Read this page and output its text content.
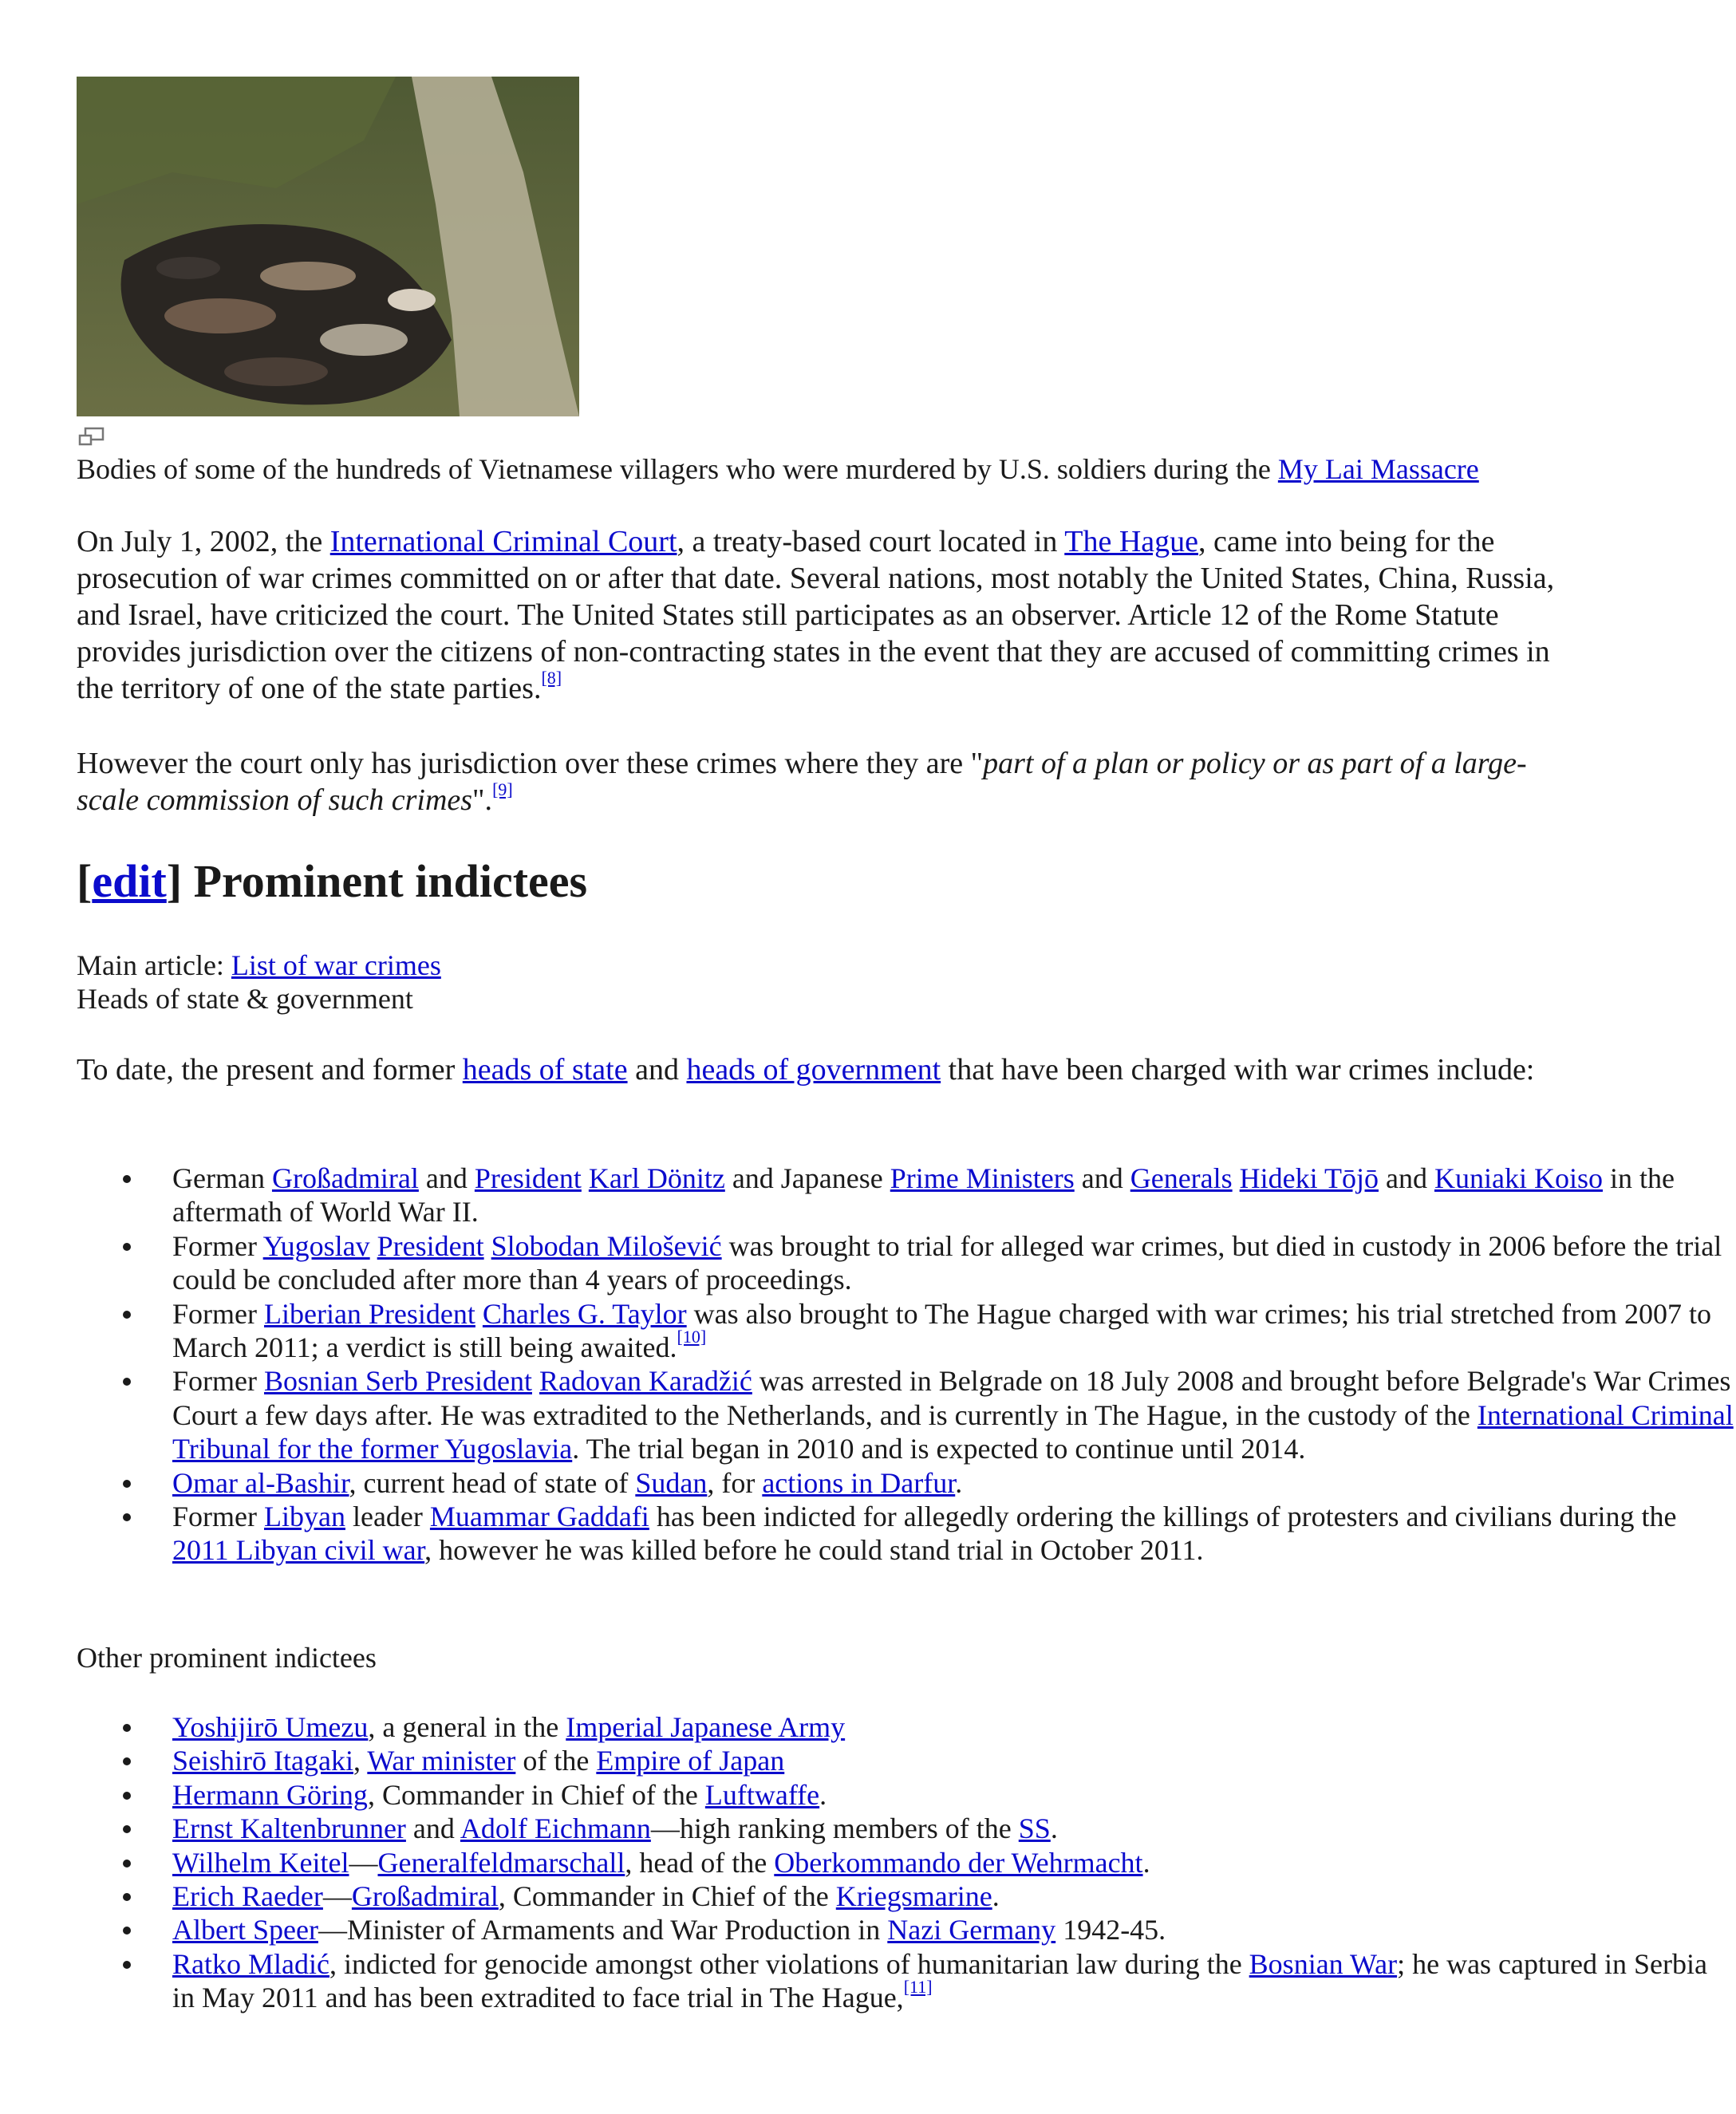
Bodies of some of the hundreds of Vietnamese villagers who were murdered by U.S. soldiers during the My Lai Massacre

On July 1, 2002, the International Criminal Court, a treaty-based court located in The Hague, came into being for the prosecution of war crimes committed on or after that date. Several nations, most notably the United States, China, Russia, and Israel, have criticized the court. The United States still participates as an observer. Article 12 of the Rome Statute provides jurisdiction over the citizens of non-contracting states in the event that they are accused of committing crimes in the territory of one of the state parties.[8]

However the court only has jurisdiction over these crimes where they are "part of a plan or policy or as part of a large-scale commission of such crimes".[9]

[edit] Prominent indictees
Main article: List of war crimes
Heads of state & government

To date, the present and former heads of state and heads of government that have been charged with war crimes include:

German Großadmiral and President Karl Dönitz and Japanese Prime Ministers and Generals Hideki Tōjō and Kuniaki Koiso in the aftermath of World War II.
Former Yugoslav President Slobodan Milošević was brought to trial for alleged war crimes, but died in custody in 2006 before the trial could be concluded after more than 4 years of proceedings.
Former Liberian President Charles G. Taylor was also brought to The Hague charged with war crimes; his trial stretched from 2007 to March 2011; a verdict is still being awaited.[10]
Former Bosnian Serb President Radovan Karadžić was arrested in Belgrade on 18 July 2008 and brought before Belgrade's War Crimes Court a few days after. He was extradited to the Netherlands, and is currently in The Hague, in the custody of the International Criminal Tribunal for the former Yugoslavia. The trial began in 2010 and is expected to continue until 2014.
Omar al-Bashir, current head of state of Sudan, for actions in Darfur.
Former Libyan leader Muammar Gaddafi has been indicted for allegedly ordering the killings of protesters and civilians during the 2011 Libyan civil war, however he was killed before he could stand trial in October 2011.
Other prominent indictees
Yoshijirō Umezu, a general in the Imperial Japanese Army
Seishirō Itagaki, War minister of the Empire of Japan
Hermann Göring, Commander in Chief of the Luftwaffe.
Ernst Kaltenbrunner and Adolf Eichmann—high ranking members of the SS.
Wilhelm Keitel—Generalfeldmarschall, head of the Oberkommando der Wehrmacht.
Erich Raeder—Großadmiral, Commander in Chief of the Kriegsmarine.
Albert Speer—Minister of Armaments and War Production in Nazi Germany 1942-45.
Ratko Mladić, indicted for genocide amongst other violations of humanitarian law during the Bosnian War; he was captured in Serbia in May 2011 and has been extradited to face trial in The Hague,[11]
